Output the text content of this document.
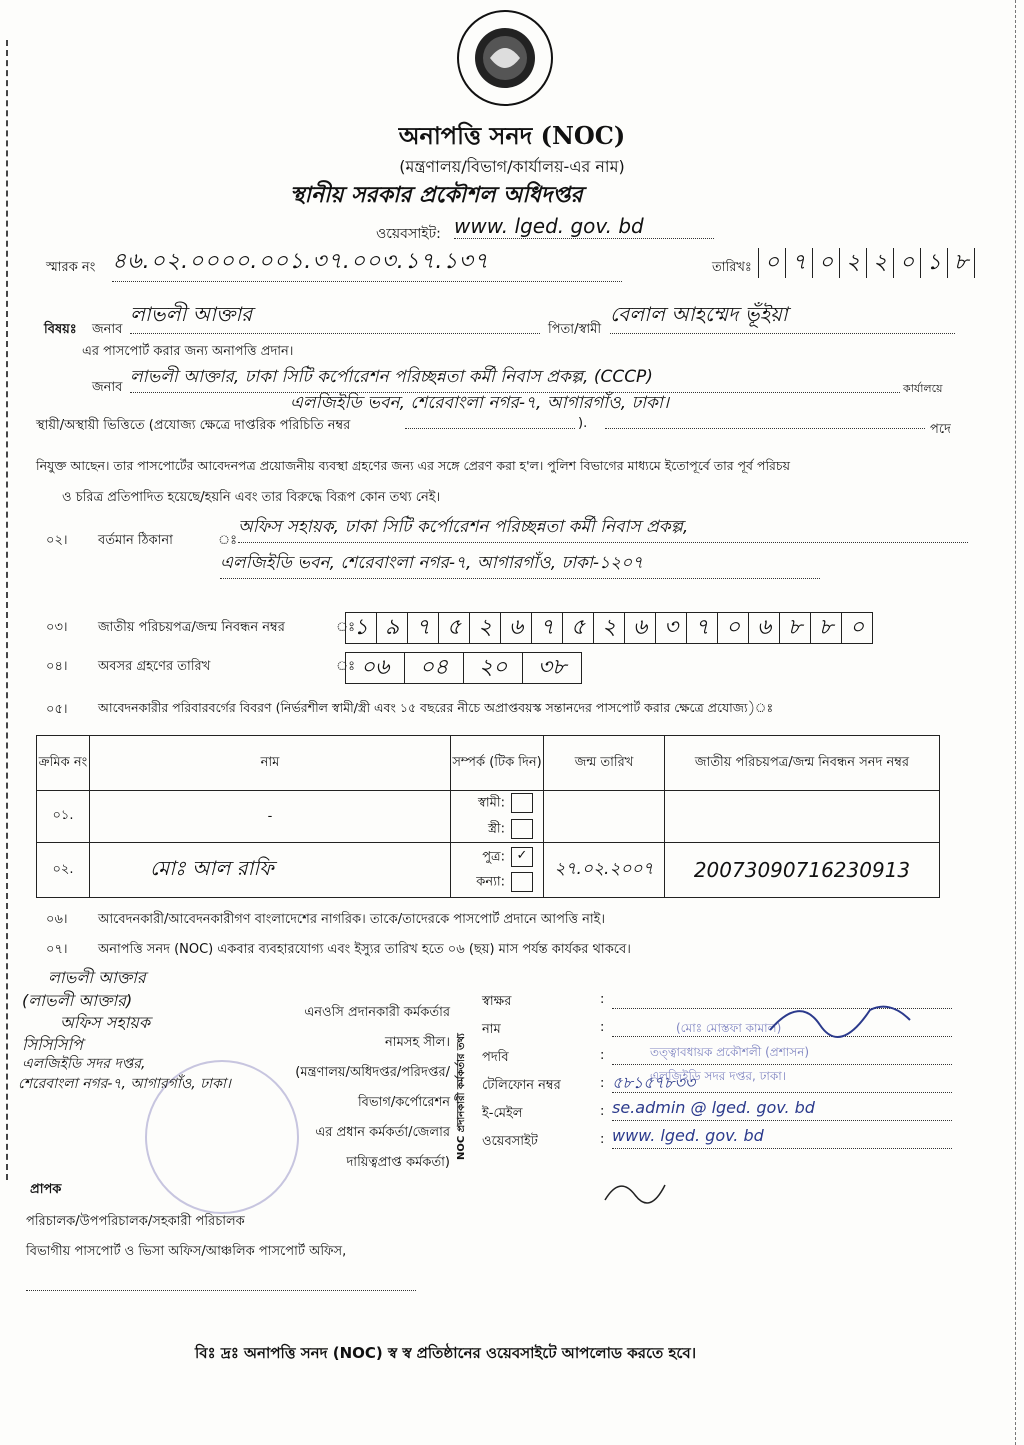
অনাপত্তি সনদ (NOC)
(মন্ত্রণালয়/বিভাগ/কার্যালয়-এর নাম)
স্থানীয় সরকার প্রকৌশল অধিদপ্তর
ওয়েবসাইট: www. lged. gov. bd
স্মারক নং ৪৬.০২.০০০০.০০১.৩৭.০০৩.১৭.১৩৭	তারিখঃ ০ ৭ ০ ২ ২ ০ ১ ৮
বিষয়ঃ জনাব
লাভলী আক্তার
পিতা/স্বামী
বেলাল আহম্মেদ ভূঁইয়া
এর পাসপোর্ট করার জন্য অনাপত্তি প্রদান।
জনাব
লাভলী আক্তার, ঢাকা সিটি কর্পোরেশন পরিচ্ছন্নতা কর্মী নিবাস প্রকল্প, (CCCP)
কার্যালয়ে
এলজিইডি ভবন, শেরেবাংলা নগর-৭, আগারগাঁও, ঢাকা।
স্থায়ী/অস্থায়ী ভিত্তিতে (প্রযোজ্য ক্ষেত্রে দাপ্তরিক পরিচিতি নম্বর	).	পদে
নিযুক্ত আছেন। তার পাসপোর্টের আবেদনপত্র প্রয়োজনীয় ব্যবস্থা গ্রহণের জন্য এর সঙ্গে প্রেরণ করা হ'ল। পুলিশ বিভাগের মাধ্যমে ইতোপূর্বে তার পূর্ব পরিচয়
ও চরিত্র প্রতিপাদিত হয়েছে/হয়নি এবং তার বিরুদ্ধে বিরূপ কোন তথ্য নেই।
০২। বর্তমান ঠিকানা	ঃ
অফিস সহায়ক, ঢাকা সিটি কর্পোরেশন পরিচ্ছন্নতা কর্মী নিবাস প্রকল্প,
এলজিইডি ভবন, শেরেবাংলা নগর-৭, আগারগাঁও, ঢাকা-১২০৭
০৩। জাতীয় পরিচয়পত্র/জন্ম নিবন্ধন নম্বর	ঃ
১ ৯ ৭ ৫ ২ ৬ ৭ ৫ ২ ৬ ৩ ৭ ০ ৬ ৮ ৮ ০
০৪। অবসর গ্রহণের তারিখ	ঃ ০৬	০৪	২০	৩৮
০৫। আবেদনকারীর পরিবারবর্গের বিবরণ (নির্ভরশীল স্বামী/স্ত্রী এবং ১৫ বছরের নীচে অপ্রাপ্তবয়স্ক সন্তানদের পাসপোর্ট করার ক্ষেত্রে প্রযোজ্য)ঃ
ক্রমিক নং	নাম	সম্পর্ক (টিক দিন)	জন্ম তারিখ	জাতীয় পরিচয়পত্র/জন্ম নিবন্ধন সনদ নম্বর
০১.	-	স্বামী:
স্ত্রী:		

০২.	মোঃ আল রাফি	পুত্র: ✓
কন্যা:	২৭.০২.২০০৭	20073090716230913
০৬। আবেদনকারী/আবেদনকারীগণ বাংলাদেশের নাগরিক। তাকে/তাদেরকে পাসপোর্ট প্রদানে আপত্তি নাই।
০৭। অনাপত্তি সনদ (NOC) একবার ব্যবহারযোগ্য এবং ইস্যুর তারিখ হতে ০৬ (ছয়) মাস পর্যন্ত কার্যকর থাকবে।
লাভলী আক্তার
(লাভলী আক্তার)
অফিস সহায়ক
সিসিসিপি
এলজিইডি সদর দপ্তর,
শেরেবাংলা নগর-৭, আগারগাঁও, ঢাকা।
এনওসি প্রদানকারী কর্মকর্তার
নামসহ সীল।
(মন্ত্রণালয়/অধিদপ্তর/পরিদপ্তর/
বিভাগ/কর্পোরেশন
এর প্রধান কর্মকর্তা/জেলার
দায়িত্বপ্রাপ্ত কর্মকর্তা)
NOC প্রদানকারী কর্মকর্তার তথ্য
স্বাক্ষর	:
নাম	:
পদবি	:
টেলিফোন নম্বর	: ৫৮১৫৭৮৩৩
ই-মেইল	: se.admin @ lged. gov. bd
ওয়েবসাইট	: www. lged. gov. bd
(মোঃ মোস্তফা কামাল)
তত্ত্বাবধায়ক প্রকৌশলী (প্রশাসন)
এলজিইডি সদর দপ্তর, ঢাকা।
প্রাপক
পরিচালক/উপপরিচালক/সহকারী পরিচালক
বিভাগীয় পাসপোর্ট ও ভিসা অফিস/আঞ্চলিক পাসপোর্ট অফিস,
বিঃ দ্রঃ অনাপত্তি সনদ (NOC) স্ব স্ব প্রতিষ্ঠানের ওয়েবসাইটে আপলোড করতে হবে।
